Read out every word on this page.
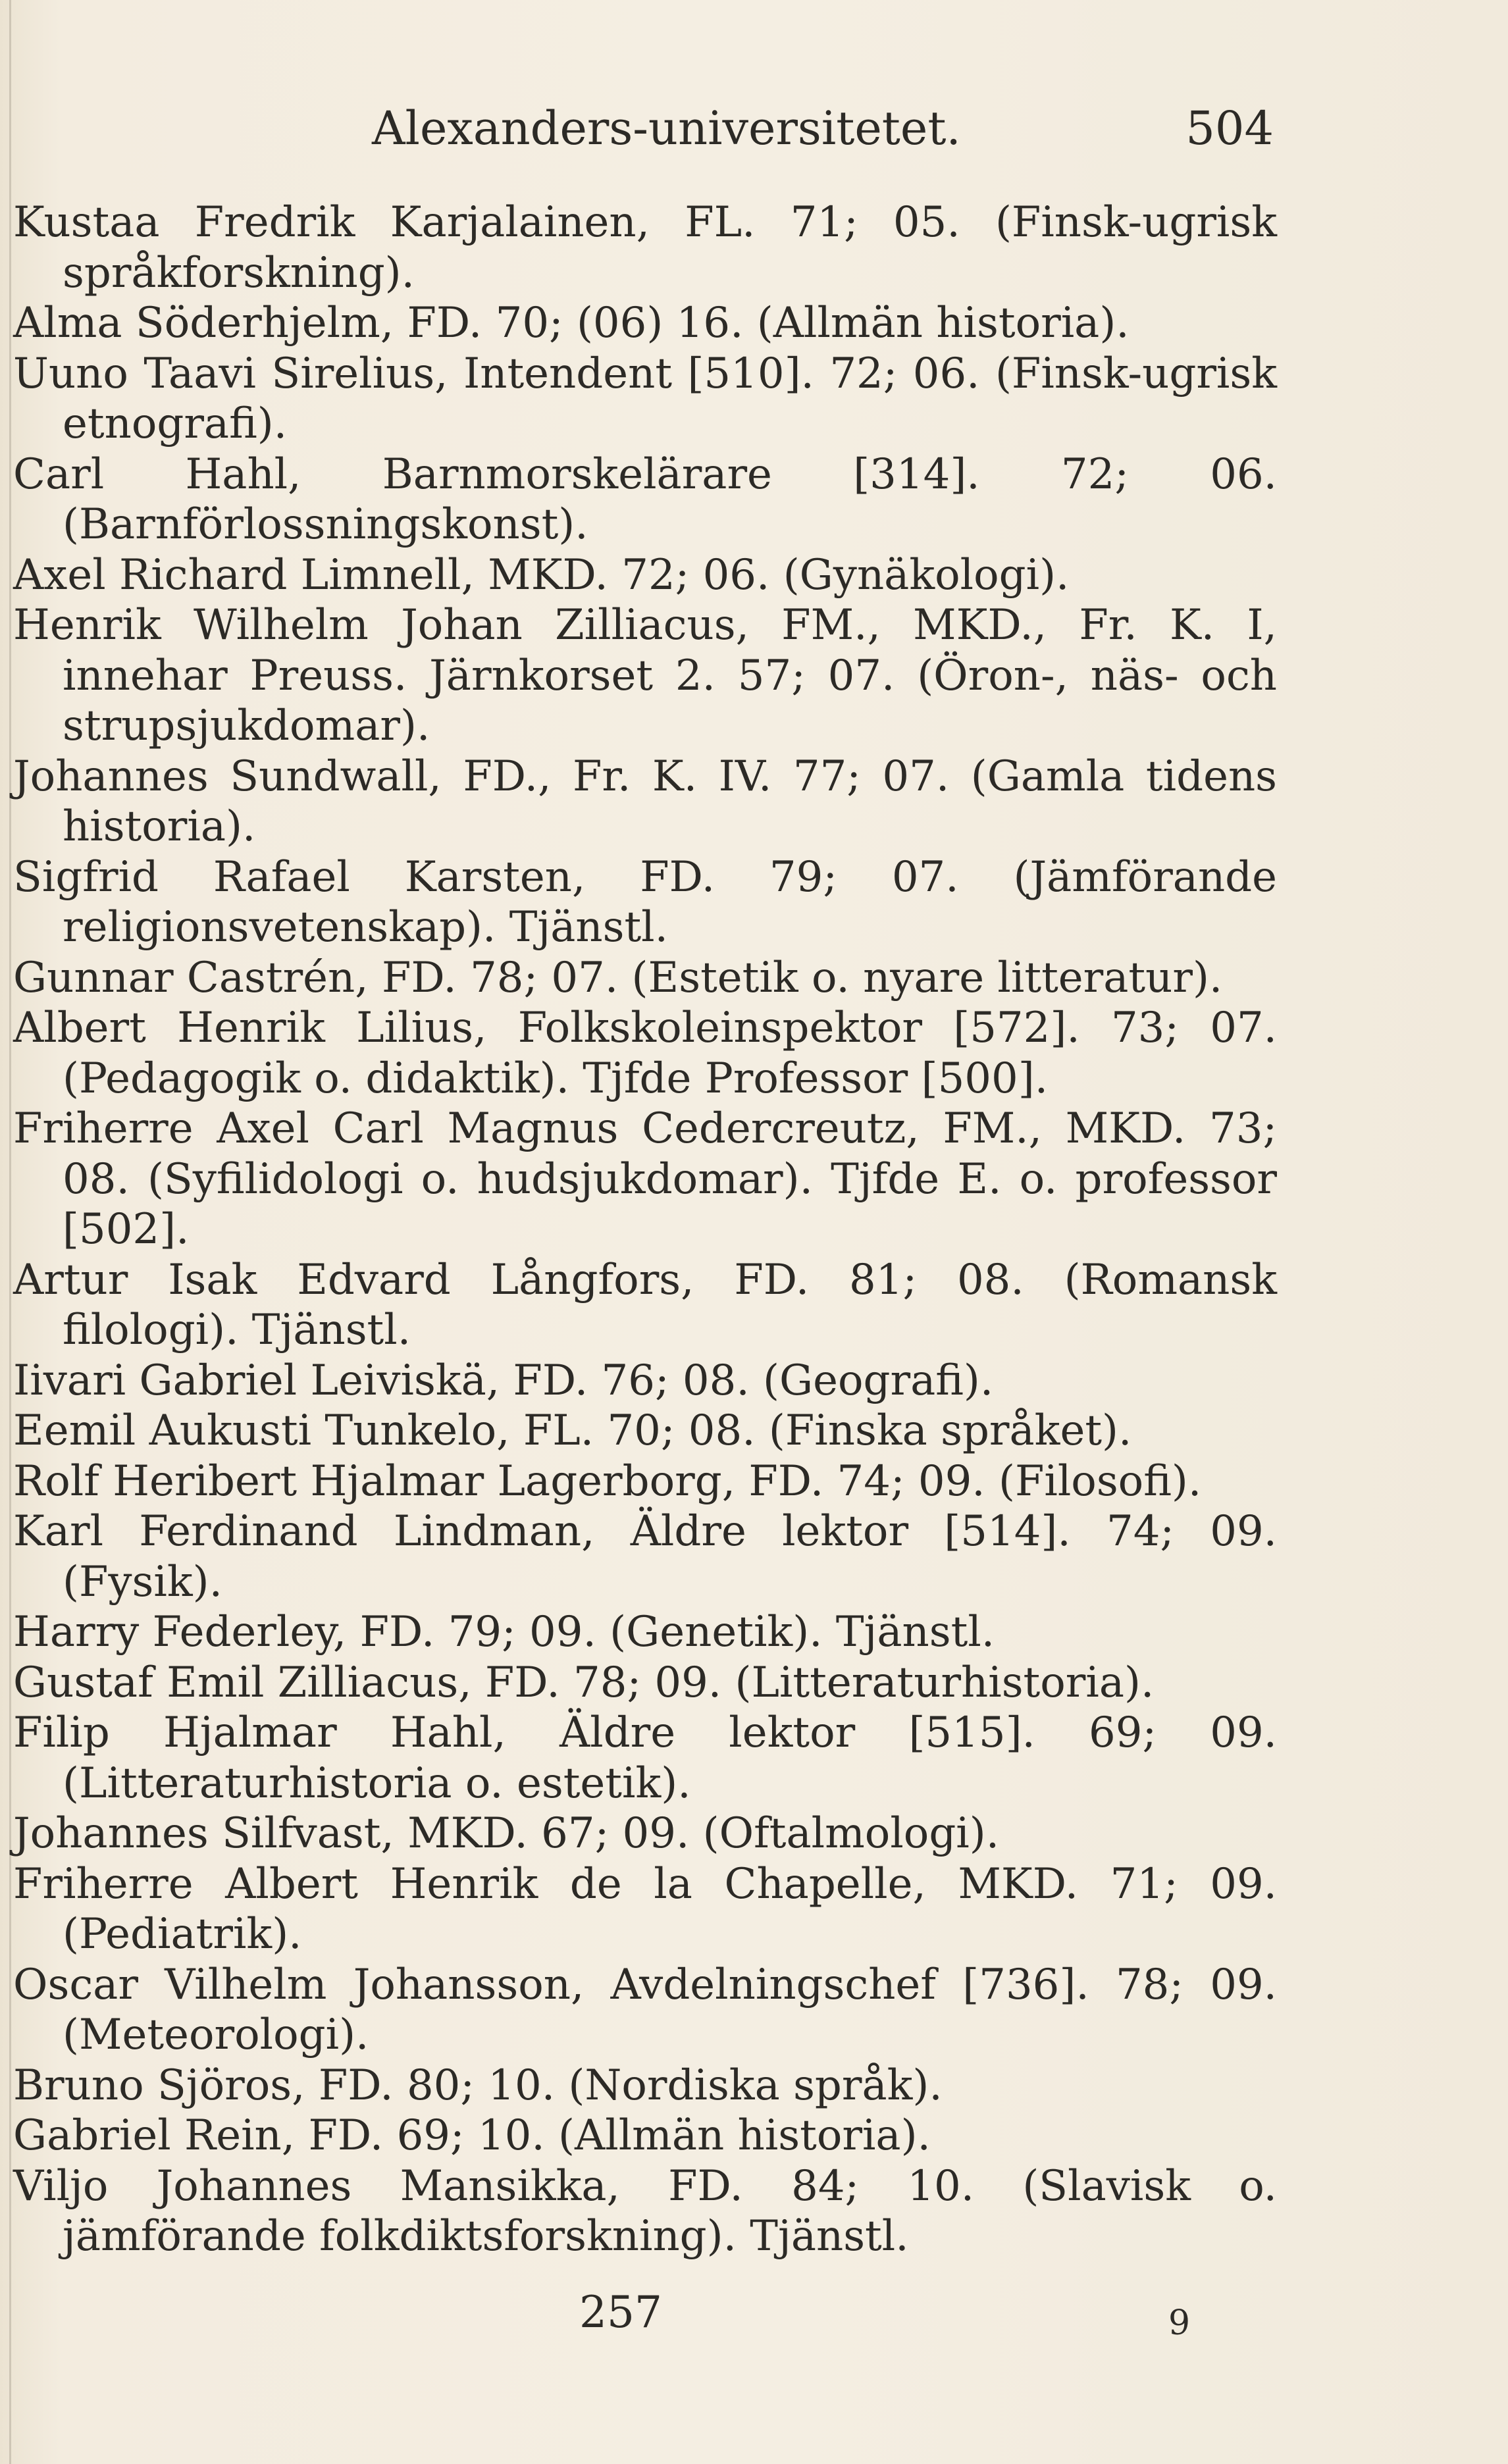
Alexanders-universitetet.	504
Kustaa Fredrik Karjalainen, FL. 71; 05. (Finsk-ugrisk språkforskning).
Alma Söderhjelm, FD. 70; (06) 16. (Allmän historia).
Uuno Taavi Sirelius, Intendent [510]. 72; 06. (Finsk-ugrisk etnografi).
Carl Hahl, Barnmorskelärare [314]. 72; 06. (Barnförlossningskonst).
Axel Richard Limnell, MKD. 72; 06. (Gynäkologi).
Henrik Wilhelm Johan Zilliacus, FM., MKD., Fr. K. I, innehar Preuss. Järnkorset 2. 57; 07. (Öron-, näs- och strupsjukdomar).
Johannes Sundwall, FD., Fr. K. IV. 77; 07. (Gamla tidens historia).
Sigfrid Rafael Karsten, FD. 79; 07. (Jämförande religionsvetenskap). Tjänstl.
Gunnar Castrén, FD. 78; 07. (Estetik o. nyare litteratur).
Albert Henrik Lilius, Folkskoleinspektor [572]. 73; 07. (Pedagogik o. didaktik). Tjfde Professor [500].
Friherre Axel Carl Magnus Cedercreutz, FM., MKD. 73; 08. (Syfilidologi o. hudsjukdomar). Tjfde E. o. professor [502].
Artur Isak Edvard Långfors, FD. 81; 08. (Romansk filologi). Tjänstl.
Iivari Gabriel Leiviskä, FD. 76; 08. (Geografi).
Eemil Aukusti Tunkelo, FL. 70; 08. (Finska språket).
Rolf Heribert Hjalmar Lagerborg, FD. 74; 09. (Filosofi).
Karl Ferdinand Lindman, Äldre lektor [514]. 74; 09. (Fysik).
Harry Federley, FD. 79; 09. (Genetik). Tjänstl.
Gustaf Emil Zilliacus, FD. 78; 09. (Litteraturhistoria).
Filip Hjalmar Hahl, Äldre lektor [515]. 69; 09. (Litteraturhistoria o. estetik).
Johannes Silfvast, MKD. 67; 09. (Oftalmologi).
Friherre Albert Henrik de la Chapelle, MKD. 71; 09. (Pediatrik).
Oscar Vilhelm Johansson, Avdelningschef [736]. 78; 09. (Meteorologi).
Bruno Sjöros, FD. 80; 10. (Nordiska språk).
Gabriel Rein, FD. 69; 10. (Allmän historia).
Viljo Johannes Mansikka, FD. 84; 10. (Slavisk o. jämförande folkdiktsforskning). Tjänstl.
257	9
